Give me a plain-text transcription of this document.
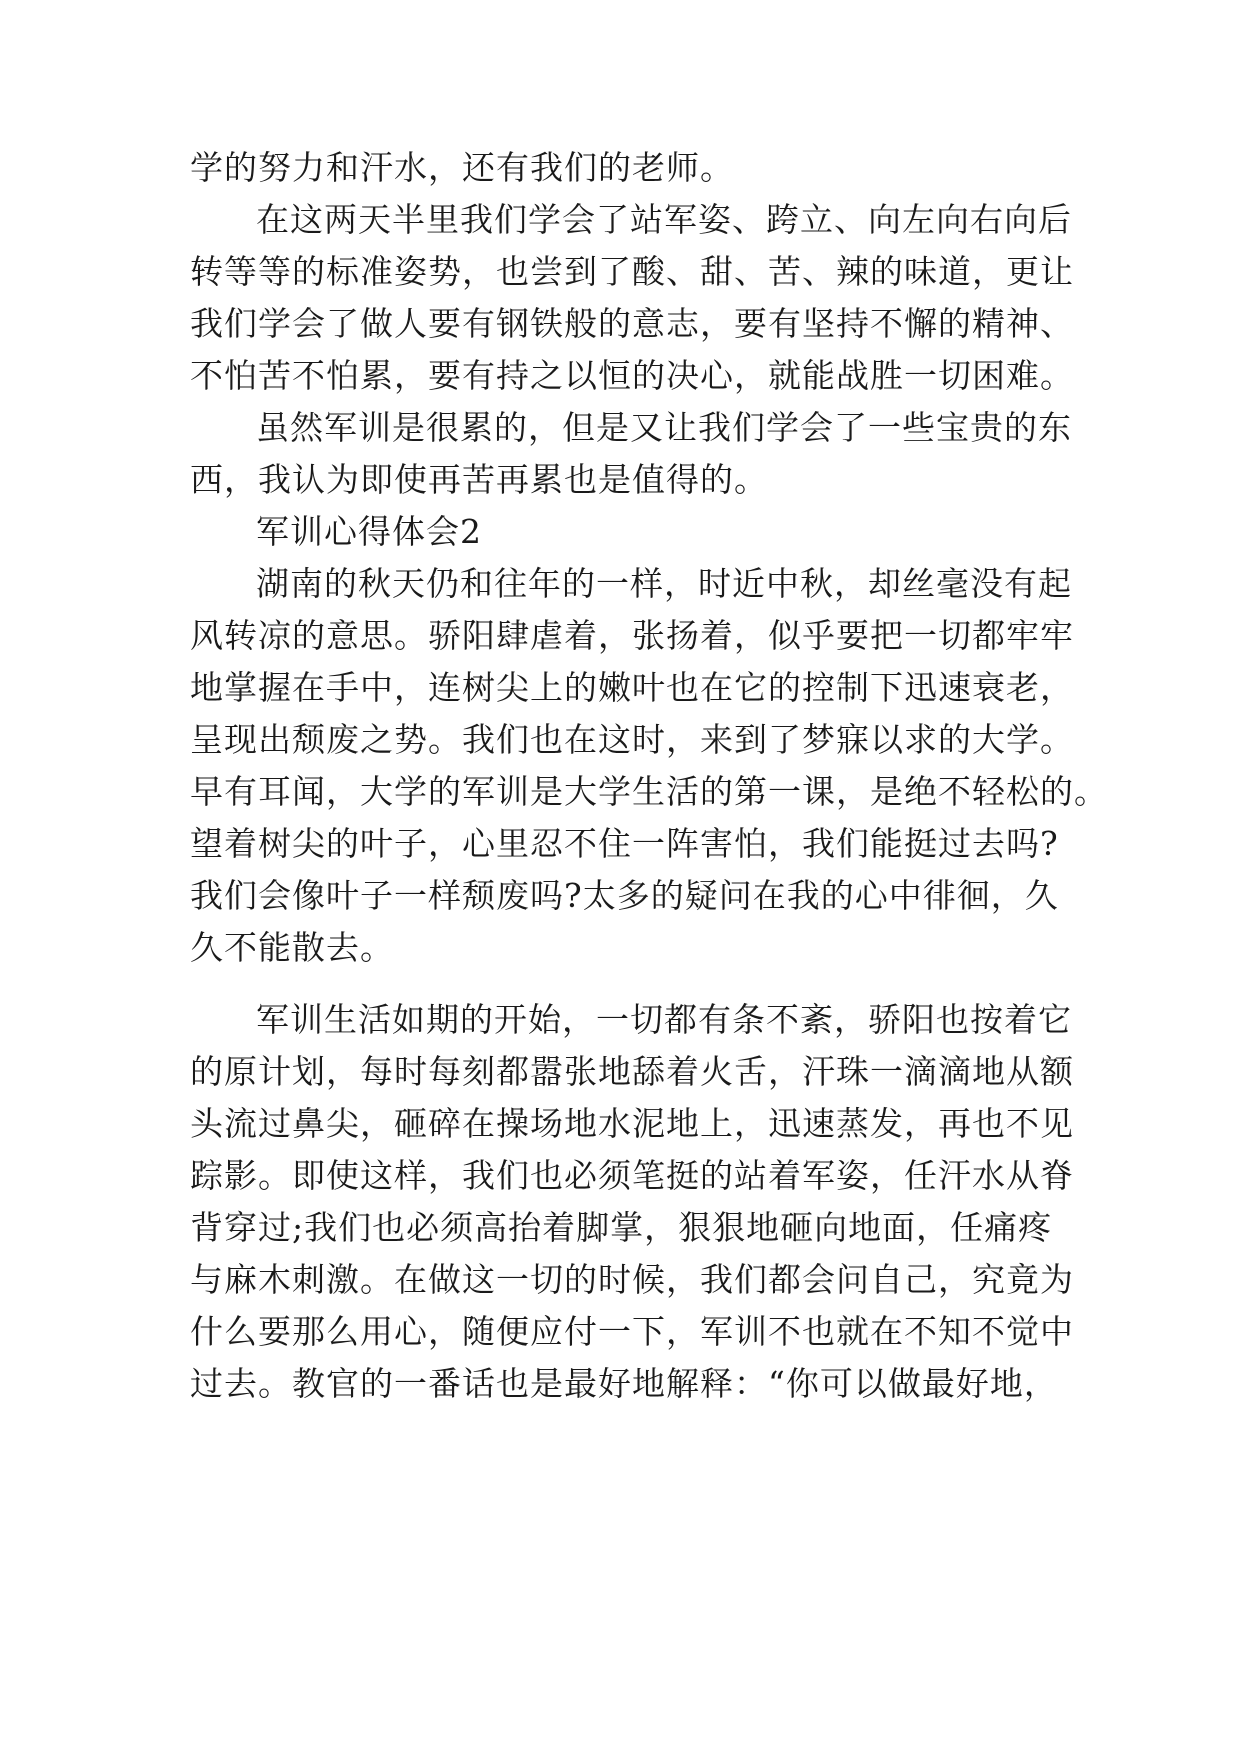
学的努力和汗水，还有我们的老师。
在这两天半里我们学会了站军姿、跨立、向左向右向后
转等等的标准姿势，也尝到了酸、甜、苦、辣的味道，更让
我们学会了做人要有钢铁般的意志，要有坚持不懈的精神、
不怕苦不怕累，要有持之以恒的决心，就能战胜一切困难。
虽然军训是很累的，但是又让我们学会了一些宝贵的东
西，我认为即使再苦再累也是值得的。
军训心得体会2
湖南的秋天仍和往年的一样，时近中秋，却丝毫没有起
风转凉的意思。骄阳肆虐着，张扬着，似乎要把一切都牢牢
地掌握在手中，连树尖上的嫩叶也在它的控制下迅速衰老，
呈现出颓废之势。我们也在这时，来到了梦寐以求的大学。
早有耳闻，大学的军训是大学生活的第一课，是绝不轻松的。
望着树尖的叶子，心里忍不住一阵害怕，我们能挺过去吗?
我们会像叶子一样颓废吗?太多的疑问在我的心中徘徊，久
久不能散去。
军训生活如期的开始，一切都有条不紊，骄阳也按着它
的原计划，每时每刻都嚣张地舔着火舌，汗珠一滴滴地从额
头流过鼻尖，砸碎在操场地水泥地上，迅速蒸发，再也不见
踪影。即使这样，我们也必须笔挺的站着军姿，任汗水从脊
背穿过;我们也必须高抬着脚掌，狠狠地砸向地面，任痛疼
与麻木刺激。在做这一切的时候，我们都会问自己，究竟为
什么要那么用心，随便应付一下，军训不也就在不知不觉中
过去。教官的一番话也是最好地解释：“你可以做最好地，
